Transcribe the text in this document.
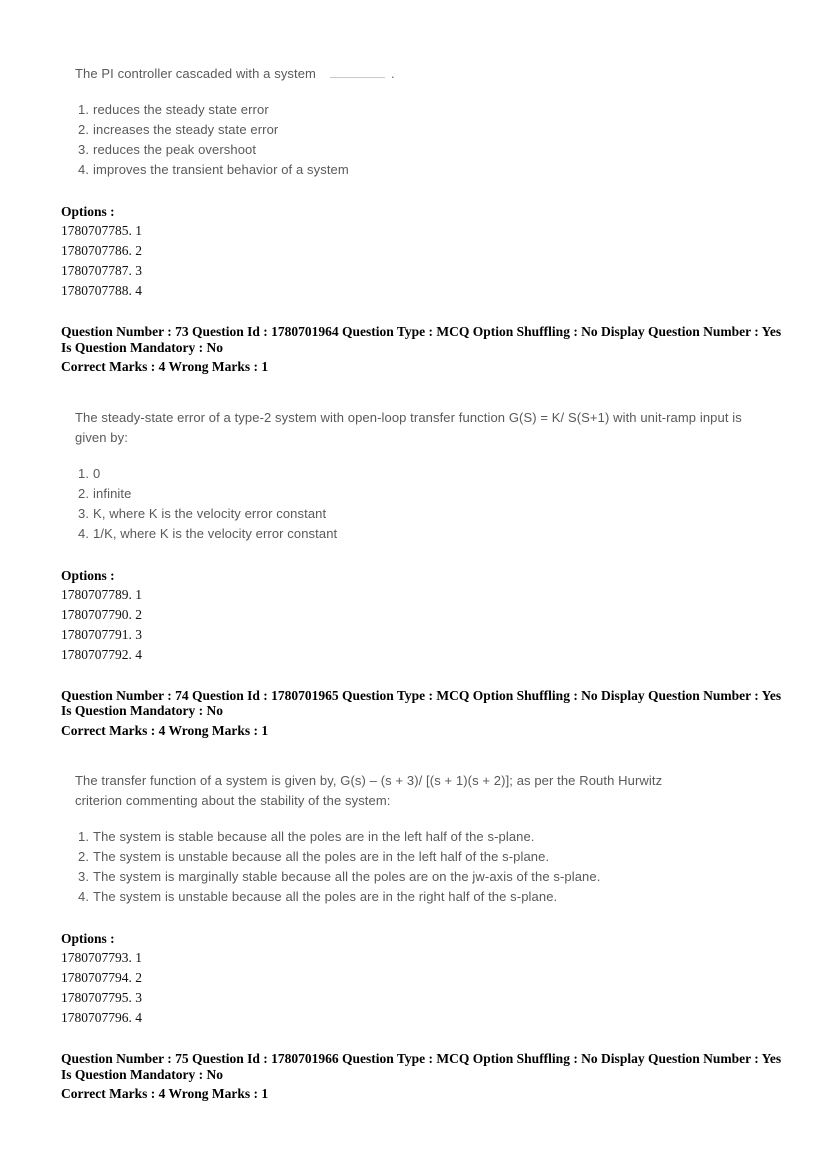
The PI controller cascaded with a system	.
1. reduces the steady state error
2. increases the steady state error
3. reduces the peak overshoot
4. improves the transient behavior of a system
Options :
1780707785. 1
1780707786. 2
1780707787. 3
1780707788. 4
Question Number : 73 Question Id : 1780701964 Question Type : MCQ Option Shuffling : No Display Question Number : Yes
Is Question Mandatory : No
Correct Marks : 4 Wrong Marks : 1
The steady-state error of a type-2 system with open-loop transfer function G(S) = K/ S(S+1) with unit-ramp input is
given by:
1. 0
2. infinite
3. K, where K is the velocity error constant
4. 1/K, where K is the velocity error constant
Options :
1780707789. 1
1780707790. 2
1780707791. 3
1780707792. 4
Question Number : 74 Question Id : 1780701965 Question Type : MCQ Option Shuffling : No Display Question Number : Yes
Is Question Mandatory : No
Correct Marks : 4 Wrong Marks : 1
The transfer function of a system is given by, G(s) – (s + 3)/ [(s + 1)(s + 2)]; as per the Routh Hurwitz
criterion commenting about the stability of the system:
1. The system is stable because all the poles are in the left half of the s-plane.
2. The system is unstable because all the poles are in the left half of the s-plane.
3. The system is marginally stable because all the poles are on the jw-axis of the s-plane.
4. The system is unstable because all the poles are in the right half of the s-plane.
Options :
1780707793. 1
1780707794. 2
1780707795. 3
1780707796. 4
Question Number : 75 Question Id : 1780701966 Question Type : MCQ Option Shuffling : No Display Question Number : Yes
Is Question Mandatory : No
Correct Marks : 4 Wrong Marks : 1
